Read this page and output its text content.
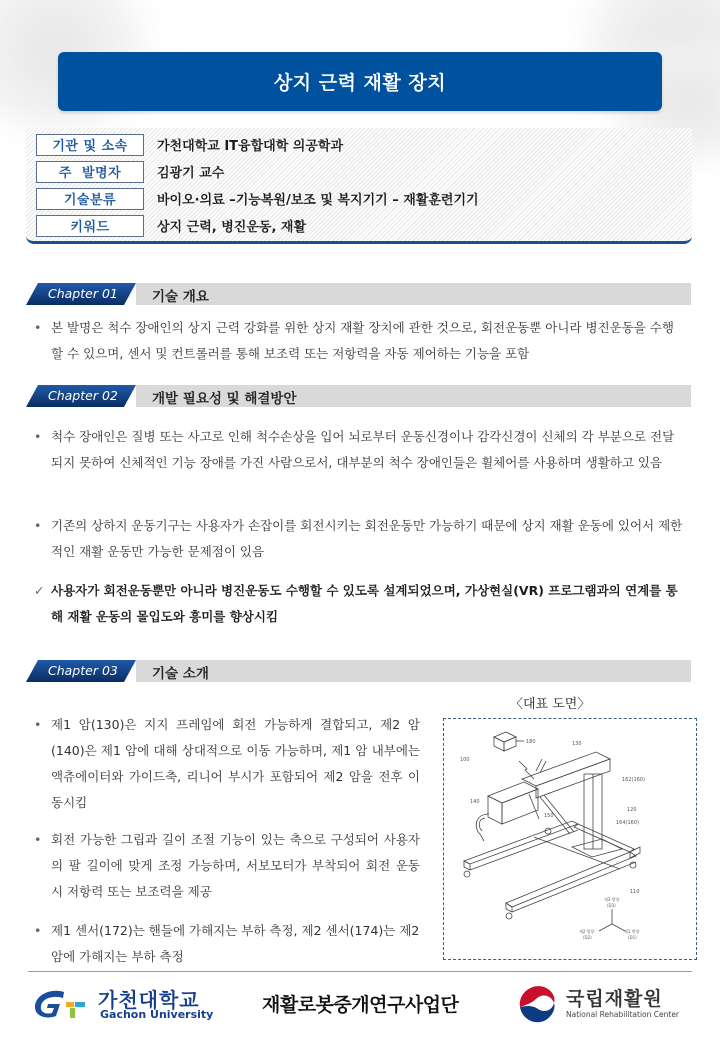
상지 근력 재활 장치
기관 및 소속	가천대학교 IT융합대학 의공학과
주  발명자	김광기 교수
기술분류	바이오·의료 –기능복원/보조 및 복지기기 – 재활훈련기기
키워드	상지 근력, 병진운동, 재활
Chapter 01	기술 개요
• 본 발명은 척수 장애인의 상지 근력 강화를 위한 상지 재활 장치에 관한 것으로, 회전운동뿐 아니라 병진운동을 수행할 수 있으며, 센서 및 컨트롤러를 통해 보조력 또는 저항력을 자동 제어하는 기능을 포함
Chapter 02	개발 필요성 및 해결방안
• 척수 장애인은 질병 또는 사고로 인해 척수손상을 입어 뇌로부터 운동신경이나 감각신경이 신체의 각 부분으로 전달되지 못하여 신체적인 기능 장애를 가진 사람으로서, 대부분의 척수 장애인들은 휠체어를 사용하며 생활하고 있음
• 기존의 상하지 운동기구는 사용자가 손잡이를 회전시키는 회전운동만 가능하기 때문에 상지 재활 운동에 있어서 제한적인 재활 운동만 가능한 문제점이 있음
✓ 사용자가 회전운동뿐만 아니라 병진운동도 수행할 수 있도록 설계되었으며, 가상현실(VR) 프로그램과의 연계를 통해 재활 운동의 몰입도와 흥미를 향상시킴
Chapter 03	기술 소개
• 제1 암(130)은 지지 프레임에 회전 가능하게 결합되고, 제2 암(140)은 제1 암에 대해 상대적으로 이동 가능하며, 제1 암 내부에는 액츄에이터와 가이드축, 리니어 부시가 포함되어 제2 암을 전후 이동시킴
• 회전 가능한 그립과 길이 조절 기능이 있는 축으로 구성되어 사용자의 팔 길이에 맞게 조정 가능하며, 서보모터가 부착되어 회전 운동 시 저항력 또는 보조력을 제공
• 제1 센서(172)는 핸들에 가해지는 부하 측정, 제2 센서(174)는 제2 암에 가해지는 부하 측정
〈대표 도면〉
100
180	130
140
162(160)
120
150
164(160)
110
제3 방향
(D3)
제2 방향
(D2)
제1 방향
(D1)
가천대학교
Gachon University	재활로봇중개연구사업단	국립재활원
National Rehabilitation Center
